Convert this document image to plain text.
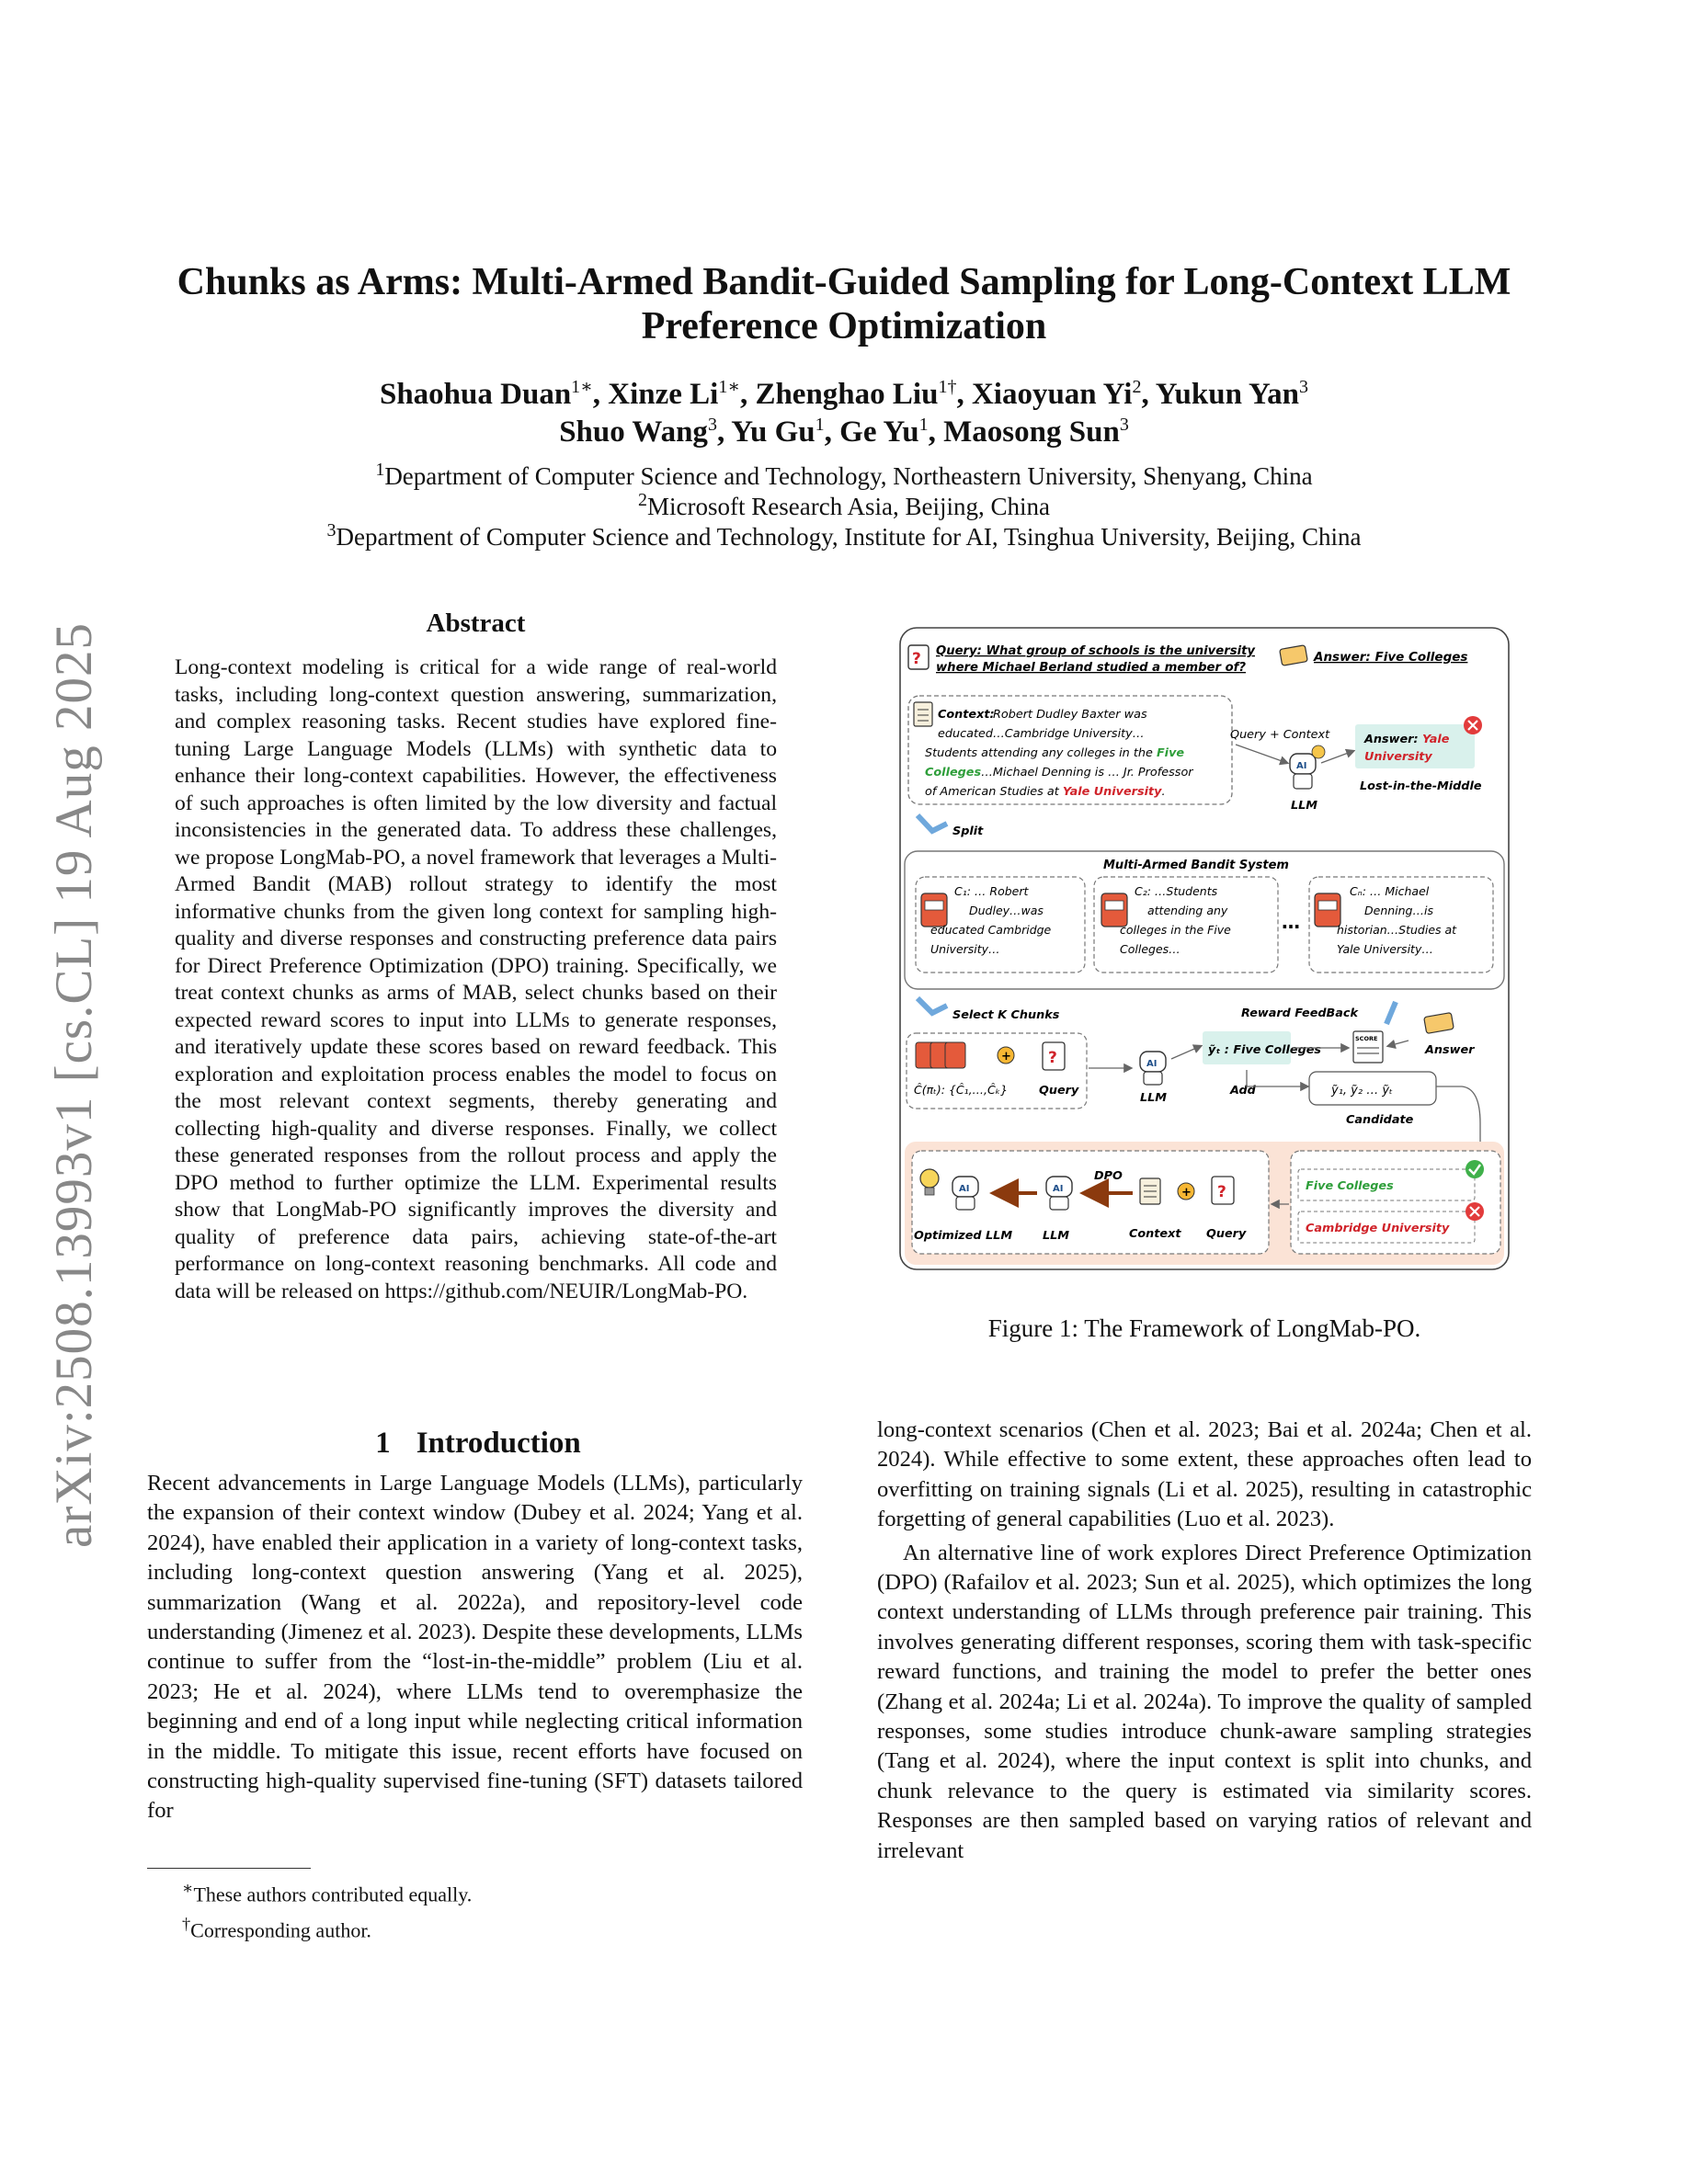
arXiv:2508.13993v1 [cs.CL] 19 Aug 2025
Chunks as Arms: Multi-Armed Bandit-Guided Sampling for Long-Context LLM
Preference Optimization
Shaohua Duan$^{1∗}$, Xinze $Li^{1∗}$, Zhenghao Liu$^{1\dagger}$, Xiaoyuan Yi$^2$, Yukun Yan$^3$
Shuo Wang$^3$, Yu Gu$^1$, Ge Yu$^1$, Maosong Sun$^3$
$^1$Department of Computer Science and Technology, Northeastern University, Shenyang, China
$^2$Microsoft Research Asia, Beijing, China
$^3$Department of Computer Science and Technology, Institute for AI, Tsinghua University, Beijing, China
Abstract
Long-context modeling is critical for a wide range of real-world tasks, including long-context question answering, summarization, and complex reasoning tasks. Recent studies have explored fine-tuning Large Language Models (LLMs) with synthetic data to enhance their long-context capabilities. However, the effectiveness of such approaches is often limited by the low diversity and factual inconsistencies in the generated data. To address these challenges, we propose LongMab-PO, a novel framework that leverages a Multi-Armed Bandit (MAB) rollout strategy to identify the most informative chunks from the given long context for sampling high-quality and diverse responses and constructing preference data pairs for Direct Preference Optimization (DPO) training. Specifically, we treat context chunks as arms of MAB, select chunks based on their expected reward scores to input into LLMs to generate responses, and iteratively update these scores based on reward feedback. This exploration and exploitation process enables the model to focus on the most relevant context segments, thereby generating and collecting high-quality and diverse responses. Finally, we collect these generated responses from the rollout process and apply the DPO method to further optimize the LLM. Experimental results show that LongMab-PO significantly improves the diversity and quality of preference data pairs, achieving state-of-the-art performance on long-context reasoning benchmarks. All code and data will be released on https://github.com/NEUIR/LongMab-PO.
1 Introduction
Recent advancements in Large Language Models (LLMs), particularly the expansion of their context window (Dubey et al. 2024; Yang et al. 2024), have enabled their application in a variety of long-context tasks, including long-context question answering (Yang et al. 2025), summarization (Wang et al. 2022a), and repository-level code understanding (Jimenez et al. 2023). Despite these developments, LLMs continue to suffer from the “lost-in-the-middle” problem (Liu et al. 2023; He et al. 2024), where LLMs tend to overemphasize the beginning and end of a long input while neglecting critical information in the middle. To mitigate this issue, recent efforts have focused on constructing high-quality supervised fine-tuning (SFT) datasets tailored for

long-context scenarios (Chen et al. 2023; Bai et al. 2024a; Chen et al. 2024). While effective to some extent, these approaches often lead to overfitting on training signals (Li et al. 2025), resulting in catastrophic forgetting of general capabilities (Luo et al. 2023).

An alternative line of work explores Direct Preference Optimization (DPO) (Rafailov et al. 2023; Sun et al. 2025), which optimizes the long context understanding of LLMs through preference pair training. This involves generating different responses, scoring them with task-specific reward functions, and training the model to prefer the better ones (Zhang et al. 2024a; Li et al. 2024a). To improve the quality of sampled responses, some studies introduce chunk-aware sampling strategies (Tang et al. 2024), where the input context is split into chunks, and chunk relevance to the query is estimated via similarity scores. Responses are then sampled based on varying ratios of relevant and irrelevant

∗These authors contributed equally.
†Corresponding author.
? Query: What group of schools is the university
where Michael Berland studied a member of?
Answer: Five Colleges
Context:
Robert Dudley Baxter was
educated…Cambridge University…
Students attending any colleges in the Five
Colleges…Michael Denning is … Jr. Professor
of American Studies at Yale University.
Query + Context
AI
LLM
Answer: Yale
University
Lost-in-the-Middle
Split
Multi-Armed Bandit System
C₁: … Robert
Dudley…was
educated Cambridge
University…
C₂: …Students
attending any
colleges in the Five
Colleges…
…
Cₙ: … Michael
Denning…is
historian…Studies at
Yale University…
Select K Chunks	Reward FeedBack
+ ?
Ĉ(πₜ): {Ĉ₁,…,Ĉₖ}	Query
AI
LLM
ỹₜ : Five Colleges
Add
SCORE
Answer
ỹ₁, ỹ₂ … ỹₜ
Candidate
AI	AI
DPO
+ ?
Optimized LLM	LLM	Context Query
Five Colleges
Cambridge University
Figure 1: The Framework of LongMab-PO.
